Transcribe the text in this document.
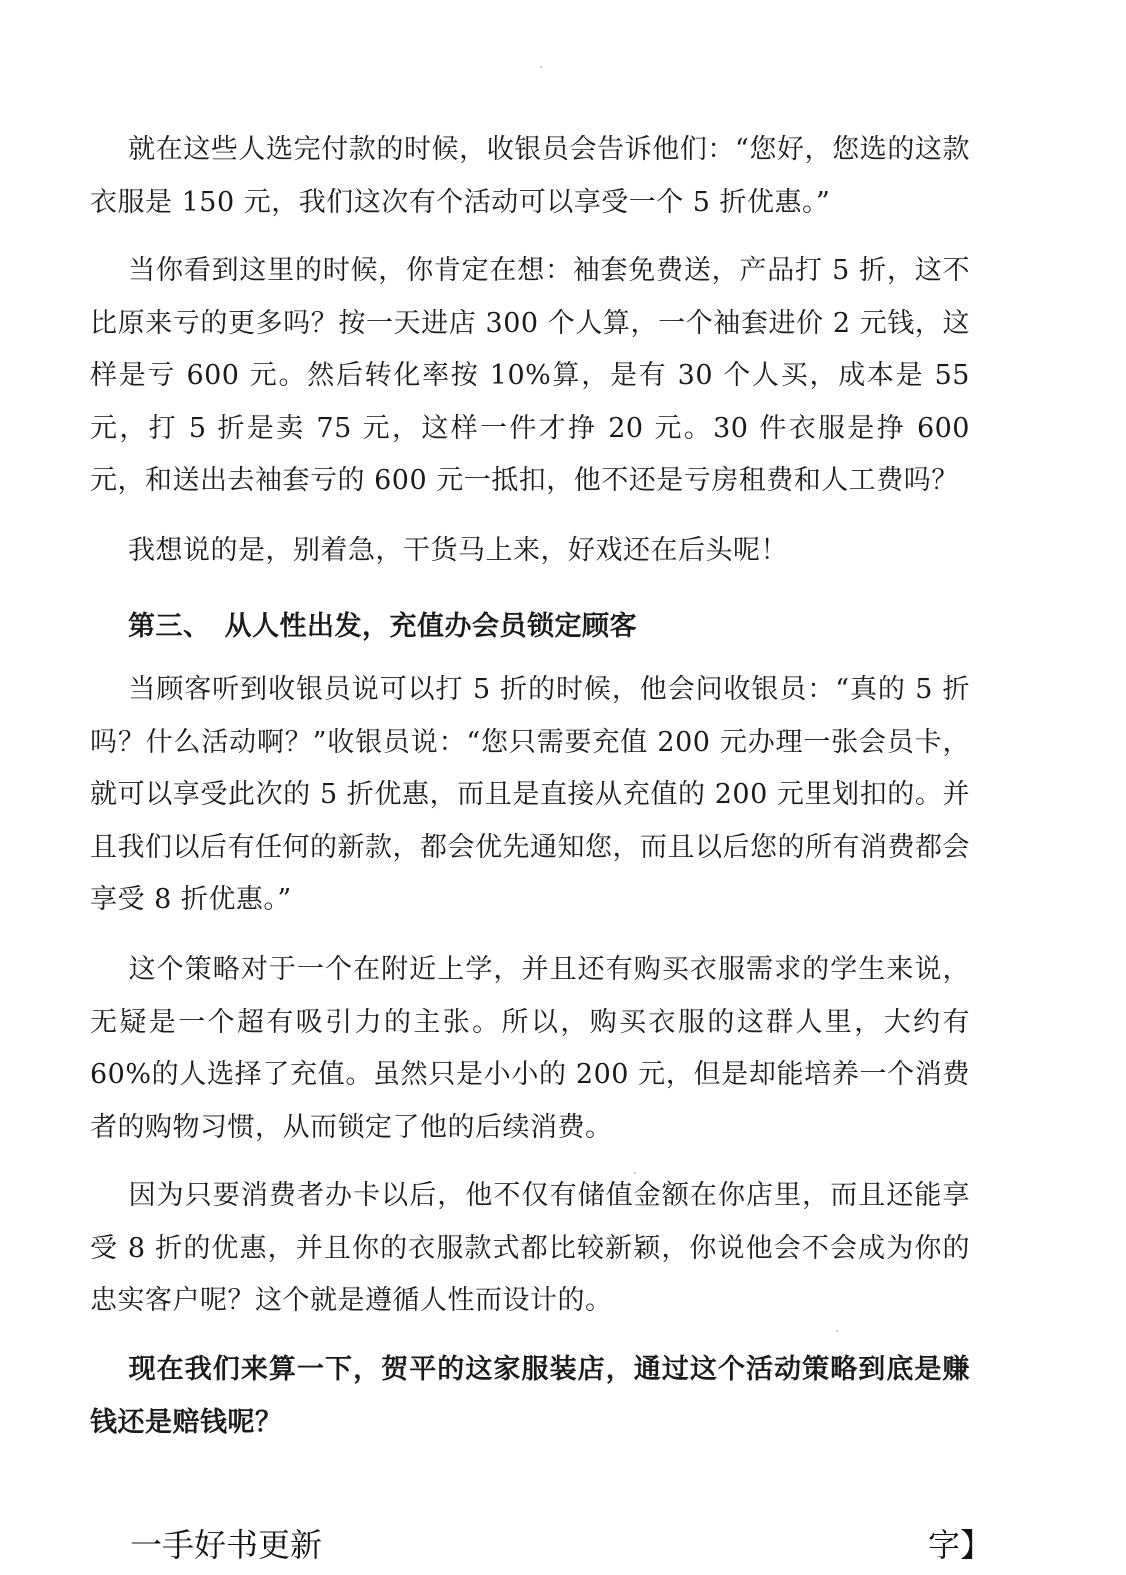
就在这些人选完付款的时候，收银员会告诉他们：“您好，您选的这款衣服是 150 元，我们这次有个活动可以享受一个 5 折优惠。”

当你看到这里的时候，你肯定在想：袖套免费送，产品打 5 折，这不比原来亏的更多吗？按一天进店 300 个人算，一个袖套进价 2 元钱，这样是亏 600 元。然后转化率按 10%算，是有 30 个人买，成本是 55 元，打 5 折是卖 75 元，这样一件才挣 20 元。30 件衣服是挣 600 元，和送出去袖套亏的 600 元一抵扣，他不还是亏房租费和人工费吗？

我想说的是，别着急，干货马上来，好戏还在后头呢！

第三、　从人性出发，充值办会员锁定顾客

当顾客听到收银员说可以打 5 折的时候，他会问收银员：“真的 5 折吗？什么活动啊？”收银员说：“您只需要充值 200 元办理一张会员卡，就可以享受此次的 5 折优惠，而且是直接从充值的 200 元里划扣的。并且我们以后有任何的新款，都会优先通知您，而且以后您的所有消费都会享受 8 折优惠。”

这个策略对于一个在附近上学，并且还有购买衣服需求的学生来说，无疑是一个超有吸引力的主张。所以，购买衣服的这群人里，大约有 60%的人选择了充值。虽然只是小小的 200 元，但是却能培养一个消费者的购物习惯，从而锁定了他的后续消费。

因为只要消费者办卡以后，他不仅有储值金额在你店里，而且还能享受 8 折的优惠，并且你的衣服款式都比较新颖，你说他会不会成为你的忠实客户呢？这个就是遵循人性而设计的。

现在我们来算一下，贺平的这家服装店，通过这个活动策略到底是赚钱还是赔钱呢？

一手好书更新	字】
